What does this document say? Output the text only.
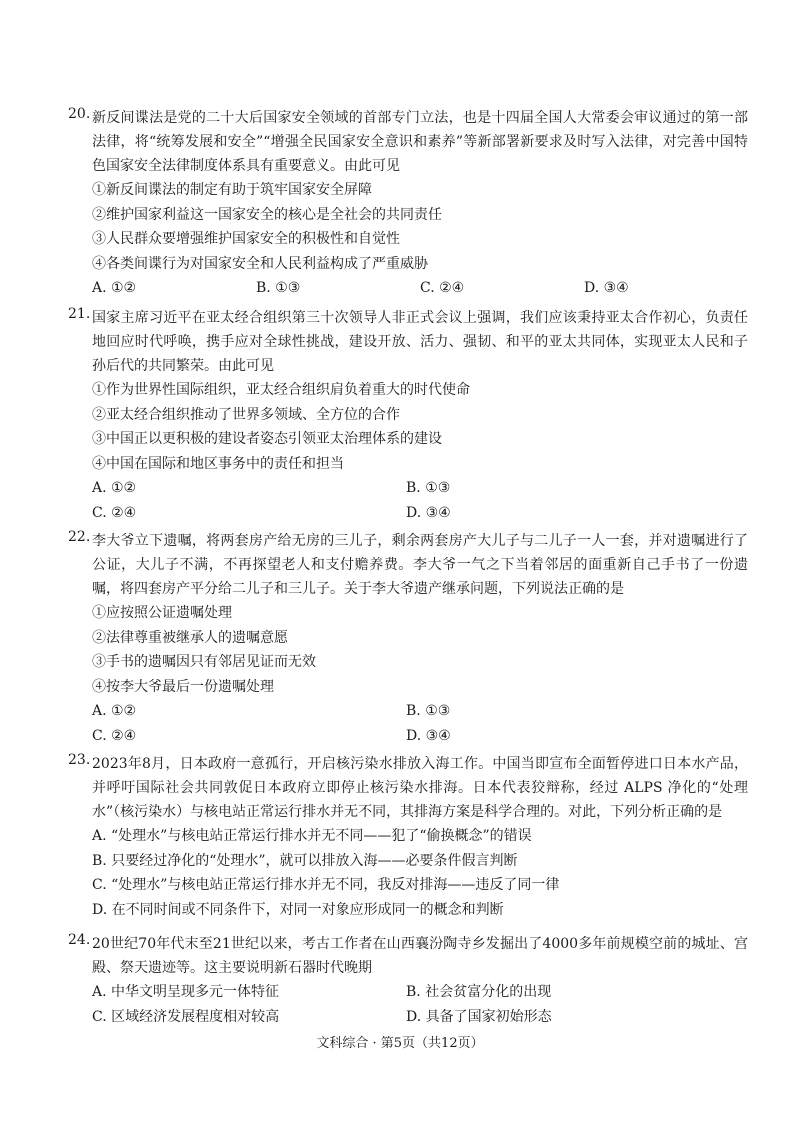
20. 新反间谍法是党的二十大后国家安全领域的首部专门立法，也是十四届全国人大常委会审议通过的第一部法律，将“统筹发展和安全”“增强全民国家安全意识和素养”等新部署新要求及时写入法律，对完善中国特色国家安全法律制度体系具有重要意义。由此可见
①新反间谍法的制定有助于筑牢国家安全屏障
②维护国家利益这一国家安全的核心是全社会的共同责任
③人民群众要增强维护国家安全的积极性和自觉性
④各类间谍行为对国家安全和人民利益构成了严重威胁
A. ①②	B. ①③	C. ②④	D. ③④
21. 国家主席习近平在亚太经合组织第三十次领导人非正式会议上强调，我们应该秉持亚太合作初心，负责任地回应时代呼唤，携手应对全球性挑战，建设开放、活力、强韧、和平的亚太共同体，实现亚太人民和子孙后代的共同繁荣。由此可见
①作为世界性国际组织，亚太经合组织肩负着重大的时代使命
②亚太经合组织推动了世界多领域、全方位的合作
③中国正以更积极的建设者姿态引领亚太治理体系的建设
④中国在国际和地区事务中的责任和担当
A. ①②	B. ①③
C. ②④	D. ③④
22. 李大爷立下遗嘱，将两套房产给无房的三儿子，剩余两套房产大儿子与二儿子一人一套，并对遗嘱进行了公证，大儿子不满，不再探望老人和支付赡养费。李大爷一气之下当着邻居的面重新自己手书了一份遗嘱，将四套房产平分给二儿子和三儿子。关于李大爷遗产继承问题，下列说法正确的是
①应按照公证遗嘱处理
②法律尊重被继承人的遗嘱意愿
③手书的遗嘱因只有邻居见证而无效
④按李大爷最后一份遗嘱处理
A. ①②	B. ①③
C. ②④	D. ③④
23. 2023年8月，日本政府一意孤行，开启核污染水排放入海工作。中国当即宣布全面暂停进口日本水产品，并呼吁国际社会共同敦促日本政府立即停止核污染水排海。日本代表狡辩称，经过 ALPS 净化的“处理水”（核污染水）与核电站正常运行排水并无不同，其排海方案是科学合理的。对此，下列分析正确的是
A. “处理水”与核电站正常运行排水并无不同——犯了“偷换概念”的错误
B. 只要经过净化的“处理水”，就可以排放入海——必要条件假言判断
C. “处理水”与核电站正常运行排水并无不同，我反对排海——违反了同一律
D. 在不同时间或不同条件下，对同一对象应形成同一的概念和判断
24. 20世纪70年代末至21世纪以来，考古工作者在山西襄汾陶寺乡发掘出了4000多年前规模空前的城址、宫殿、祭天遗迹等。这主要说明新石器时代晚期
A. 中华文明呈现多元一体特征	B. 社会贫富分化的出现
C. 区域经济发展程度相对较高	D. 具备了国家初始形态
文科综合 · 第5页（共12页）
